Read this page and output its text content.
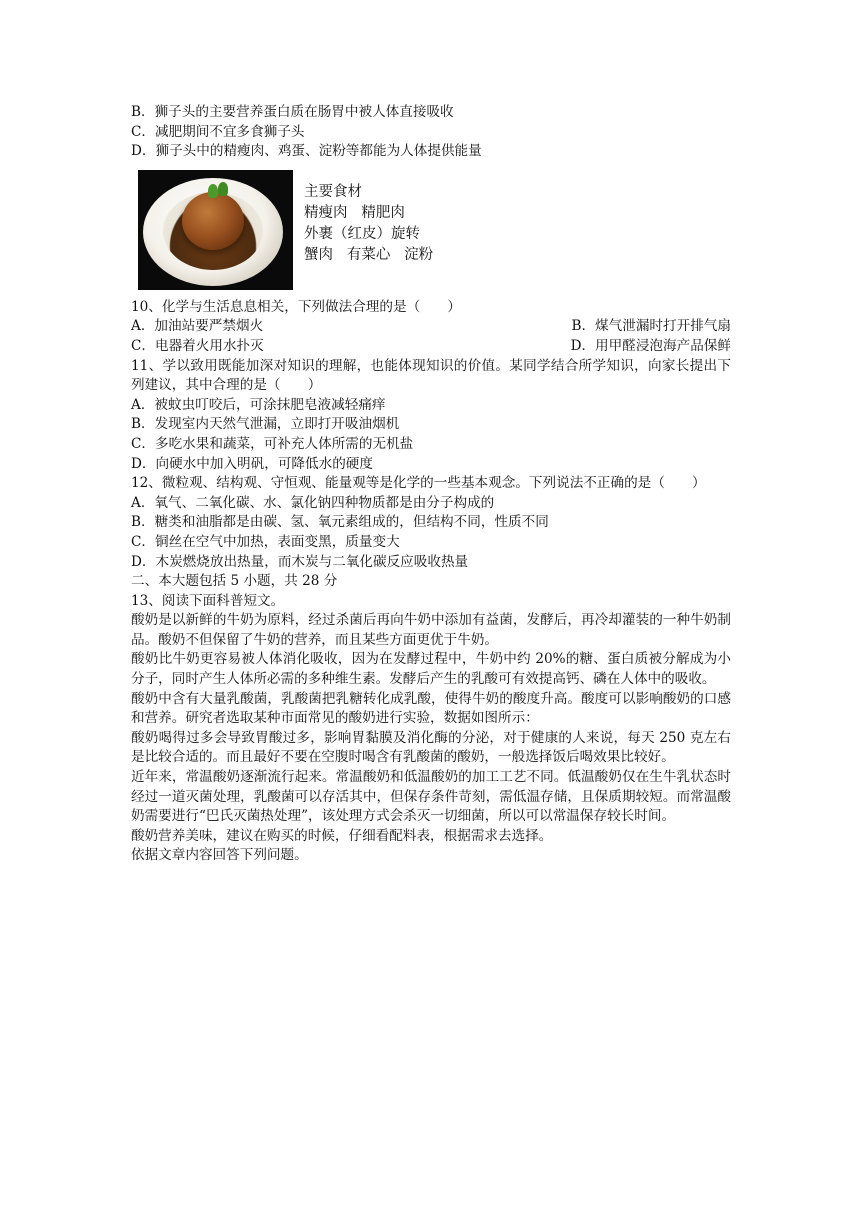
B．狮子头的主要营养蛋白质在肠胃中被人体直接吸收
C．减肥期间不宜多食狮子头
D．狮子头中的精瘦肉、鸡蛋、淀粉等都能为人体提供能量
主要食材
精瘦肉   精肥肉
外裹（红皮）旋转
蟹肉   有菜心   淀粉
10、化学与生活息息相关，下列做法合理的是（　　）
A．加油站要严禁烟火	B．煤气泄漏时打开排气扇
C．电器着火用水扑灭	D．用甲醛浸泡海产品保鲜
11、学以致用既能加深对知识的理解，也能体现知识的价值。某同学结合所学知识，向家长提出下列建议，其中合理的是（　　）
A．被蚊虫叮咬后，可涂抹肥皂液减轻痛痒
B．发现室内天然气泄漏，立即打开吸油烟机
C．多吃水果和蔬菜，可补充人体所需的无机盐
D．向硬水中加入明矾，可降低水的硬度
12、微粒观、结构观、守恒观、能量观等是化学的一些基本观念。下列说法不正确的是（　　）
A．氧气、二氧化碳、水、氯化钠四种物质都是由分子构成的
B．糖类和油脂都是由碳、氢、氧元素组成的，但结构不同，性质不同
C．铜丝在空气中加热，表面变黑，质量变大
D．木炭燃烧放出热量，而木炭与二氧化碳反应吸收热量
二、本大题包括 5 小题，共 28 分
13、阅读下面科普短文。
酸奶是以新鲜的牛奶为原料，经过杀菌后再向牛奶中添加有益菌，发酵后，再冷却灌装的一种牛奶制品。酸奶不但保留了牛奶的营养，而且某些方面更优于牛奶。
酸奶比牛奶更容易被人体消化吸收，因为在发酵过程中，牛奶中约 20%的糖、蛋白质被分解成为小分子，同时产生人体所必需的多种维生素。发酵后产生的乳酸可有效提高钙、磷在人体中的吸收。
酸奶中含有大量乳酸菌，乳酸菌把乳糖转化成乳酸，使得牛奶的酸度升高。酸度可以影响酸奶的口感和营养。研究者选取某种市面常见的酸奶进行实验，数据如图所示：
酸奶喝得过多会导致胃酸过多，影响胃黏膜及消化酶的分泌，对于健康的人来说，每天 250 克左右是比较合适的。而且最好不要在空腹时喝含有乳酸菌的酸奶，一般选择饭后喝效果比较好。
近年来，常温酸奶逐渐流行起来。常温酸奶和低温酸奶的加工工艺不同。低温酸奶仅在生牛乳状态时经过一道灭菌处理，乳酸菌可以存活其中，但保存条件苛刻，需低温存储，且保质期较短。而常温酸奶需要进行“巴氏灭菌热处理”，该处理方式会杀灭一切细菌，所以可以常温保存较长时间。
酸奶营养美味，建议在购买的时候，仔细看配料表，根据需求去选择。
依据文章内容回答下列问题。
